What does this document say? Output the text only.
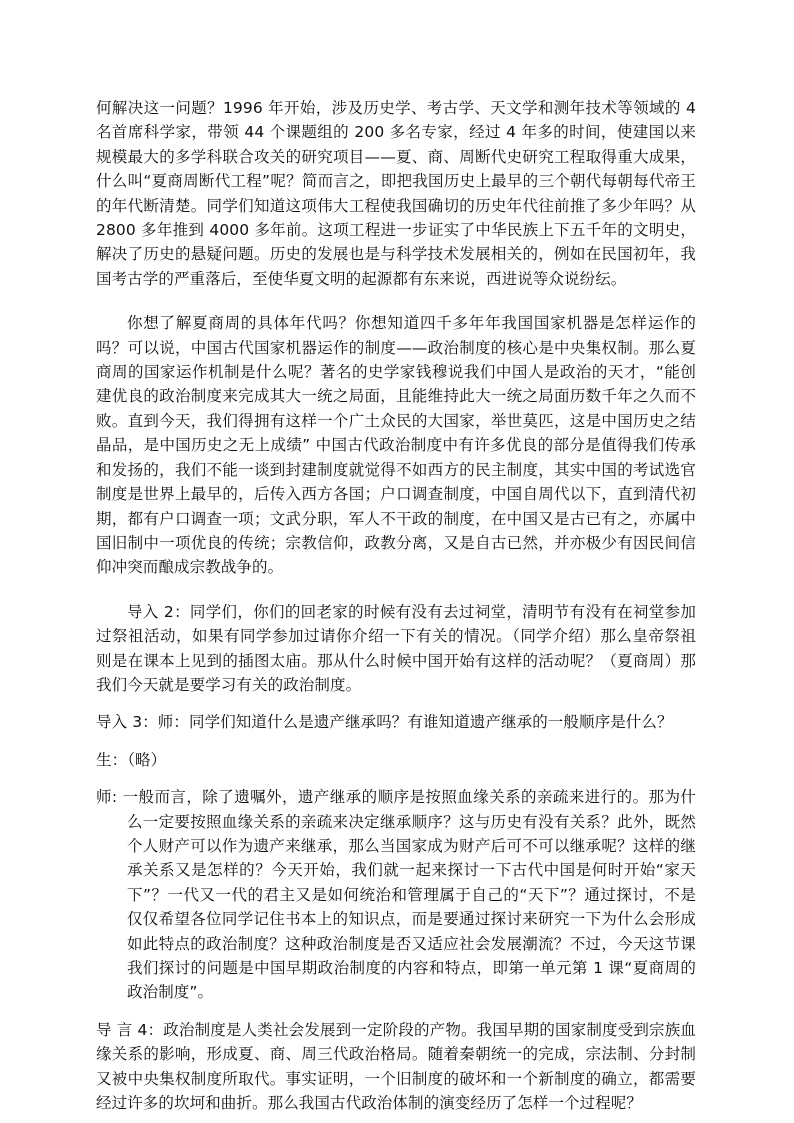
何解决这一问题？1996 年开始，涉及历史学、考古学、天文学和测年技术等领域的 4 名首席科学家，带领 44 个课题组的 200 多名专家，经过 4 年多的时间，使建国以来规模最大的多学科联合攻关的研究项目——夏、商、周断代史研究工程取得重大成果，什么叫“夏商周断代工程”呢？简而言之，即把我国历史上最早的三个朝代每朝每代帝王的年代断清楚。同学们知道这项伟大工程使我国确切的历史年代往前推了多少年吗？从 2800 多年推到 4000 多年前。这项工程进一步证实了中华民族上下五千年的文明史，解决了历史的悬疑问题。历史的发展也是与科学技术发展相关的，例如在民国初年，我国考古学的严重落后，至使华夏文明的起源都有东来说，西进说等众说纷纭。

你想了解夏商周的具体年代吗？你想知道四千多年年我国国家机器是怎样运作的吗？可以说，中国古代国家机器运作的制度——政治制度的核心是中央集权制。那么夏商周的国家运作机制是什么呢？著名的史学家钱穆说我们中国人是政治的天才，“能创建优良的政治制度来完成其大一统之局面，且能维持此大一统之局面历数千年之久而不败。直到今天，我们得拥有这样一个广土众民的大国家，举世莫匹，这是中国历史之结晶品，是中国历史之无上成绩” 中国古代政治制度中有许多优良的部分是值得我们传承和发扬的，我们不能一谈到封建制度就觉得不如西方的民主制度，其实中国的考试选官制度是世界上最早的，后传入西方各国；户口调查制度，中国自周代以下，直到清代初期，都有户口调查一项；文武分职，军人不干政的制度，在中国又是古已有之，亦属中国旧制中一项优良的传统；宗教信仰，政教分离，又是自古已然，并亦极少有因民间信仰冲突而酿成宗教战争的。

导入 2：同学们，你们的回老家的时候有没有去过祠堂，清明节有没有在祠堂参加过祭祖活动，如果有同学参加过请你介绍一下有关的情况。（同学介绍）那么皇帝祭祖则是在课本上见到的插图太庙。那从什么时候中国开始有这样的活动呢？（夏商周）那我们今天就是要学习有关的政治制度。

导入 3：师：同学们知道什么是遗产继承吗？有谁知道遗产继承的一般顺序是什么？

生：（略）

师: 一般而言，除了遗嘱外，遗产继承的顺序是按照血缘关系的亲疏来进行的。那为什么一定要按照血缘关系的亲疏来决定继承顺序？这与历史有没有关系？此外，既然个人财产可以作为遗产来继承，那么当国家成为财产后可不可以继承呢？这样的继承关系又是怎样的？今天开始，我们就一起来探讨一下古代中国是何时开始“家天下”？一代又一代的君主又是如何统治和管理属于自己的“天下”？通过探讨，不是仅仅希望各位同学记住书本上的知识点，而是要通过探讨来研究一下为什么会形成如此特点的政治制度？这种政治制度是否又适应社会发展潮流？不过，今天这节课我们探讨的问题是中国早期政治制度的内容和特点，即第一单元第 1 课“夏商周的政治制度”。

导 言 4：政治制度是人类社会发展到一定阶段的产物。我国早期的国家制度受到宗族血缘关系的影响，形成夏、商、周三代政治格局。随着秦朝统一的完成，宗法制、分封制又被中央集权制度所取代。事实证明，一个旧制度的破坏和一个新制度的确立，都需要经过许多的坎坷和曲折。那么我国古代政治体制的演变经历了怎样一个过程呢？
